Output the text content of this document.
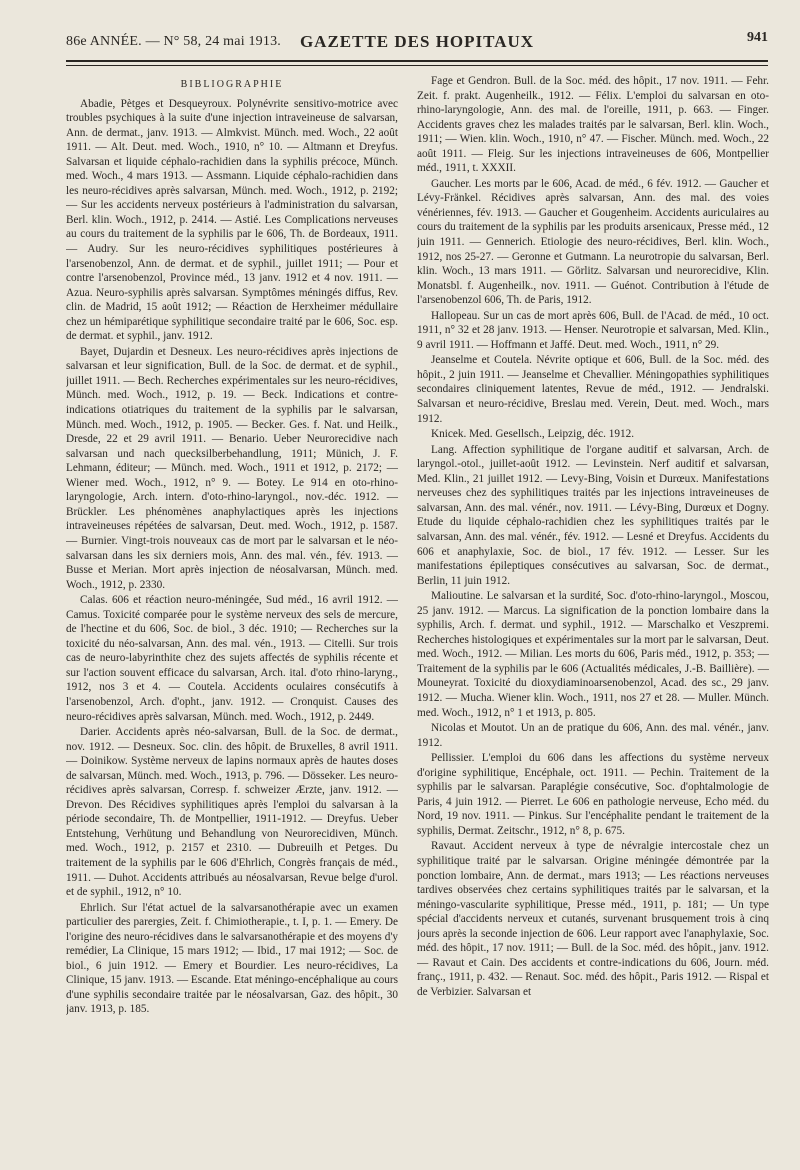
86e ANNÉE. — N° 58, 24 mai 1913.	GAZETTE DES HOPITAUX	941
BIBLIOGRAPHIE

Abadie, Pètges et Desqueyroux. Polynévrite sensitivo-motrice avec troubles psychiques à la suite d'une injection intraveineuse de salvarsan, Ann. de dermat., janv. 1913. — Almkvist. Münch. med. Woch., 22 août 1911. — Alt. Deut. med. Woch., 1910, n° 10. — Altmann et Dreyfus. Salvarsan et liquide céphalo-rachidien dans la syphilis précoce, Münch. med. Woch., 4 mars 1913. — Assmann. Liquide céphalo-rachidien dans les neuro-récidives après salvarsan, Münch. med. Woch., 1912, p. 2192; — Sur les accidents nerveux postérieurs à l'administration du salvarsan, Berl. klin. Woch., 1912, p. 2414. — Astié. Les Complications nerveuses au cours du traitement de la syphilis par le 606, Th. de Bordeaux, 1911. — Audry. Sur les neuro-récidives syphilitiques postérieures à l'arsenobenzol, Ann. de dermat. et de syphil., juillet 1911; — Pour et contre l'arsenobenzol, Province méd., 13 janv. 1912 et 4 nov. 1911. — Azua. Neuro-syphilis après salvarsan. Symptômes méningés diffus, Rev. clin. de Madrid, 15 août 1912; — Réaction de Herxheimer médullaire chez un hémiparétique syphilitique secondaire traité par le 606, Soc. esp. de dermat. et syphil., janv. 1912.

Bayet, Dujardin et Desneux. Les neuro-récidives après injections de salvarsan et leur signification, Bull. de la Soc. de dermat. et de syphil., juillet 1911. — Bech. Recherches expérimentales sur les neuro-récidives, Münch. med. Woch., 1912, p. 19. — Beck. Indications et contre-indications otiatriques du traitement de la syphilis par le salvarsan, Münch. med. Woch., 1912, p. 1905. — Becker. Ges. f. Nat. und Heilk., Dresde, 22 et 29 avril 1911. — Benario. Ueber Neurorecidive nach salvarsan und nach quecksilberbehandlung, 1911; Münich, J. F. Lehmann, éditeur; — Münch. med. Woch., 1911 et 1912, p. 2172; — Wiener med. Woch., 1912, n° 9. — Botey. Le 914 en oto-rhino-laryngologie, Arch. intern. d'oto-rhino-laryngol., nov.-déc. 1912. — Brückler. Les phénomènes anaphylactiques après les injections intraveineuses répétées de salvarsan, Deut. med. Woch., 1912, p. 1587. — Burnier. Vingt-trois nouveaux cas de mort par le salvarsan et le néo-salvarsan dans les six derniers mois, Ann. des mal. vén., fév. 1913. — Busse et Merian. Mort après injection de néosalvarsan, Münch. med. Woch., 1912, p. 2330.

Calas. 606 et réaction neuro-méningée, Sud méd., 16 avril 1912. — Camus. Toxicité comparée pour le système nerveux des sels de mercure, de l'hectine et du 606, Soc. de biol., 3 déc. 1910; — Recherches sur la toxicité du néo-salvarsan, Ann. des mal. vén., 1913. — Citelli. Sur trois cas de neuro-labyrinthite chez des sujets affectés de syphilis récente et sur l'action souvent efficace du salvarsan, Arch. ital. d'oto rhino-laryng., 1912, nos 3 et 4. — Coutela. Accidents oculaires consécutifs à l'arsenobenzol, Arch. d'opht., janv. 1912. — Cronquist. Causes des neuro-récidives après salvarsan, Münch. med. Woch., 1912, p. 2449.

Darier. Accidents après néo-salvarsan, Bull. de la Soc. de dermat., nov. 1912. — Desneux. Soc. clin. des hôpit. de Bruxelles, 8 avril 1911. — Doinikow. Système nerveux de lapins normaux après de hautes doses de salvarsan, Münch. med. Woch., 1913, p. 796. — Dösseker. Les neuro-récidives après salvarsan, Corresp. f. schweizer Ærzte, janv. 1912. — Drevon. Des Récidives syphilitiques après l'emploi du salvarsan à la période secondaire, Th. de Montpellier, 1911-1912. — Dreyfus. Ueber Entstehung, Verhütung und Behandlung von Neurorecidiven, Münch. med. Woch., 1912, p. 2157 et 2310. — Dubreuilh et Petges. Du traitement de la syphilis par le 606 d'Ehrlich, Congrès français de méd., 1911. — Duhot. Accidents attribués au néosalvarsan, Revue belge d'urol. et de syphil., 1912, n° 10.

Ehrlich. Sur l'état actuel de la salvarsanothérapie avec un examen particulier des parergies, Zeit. f. Chimiotherapie., t. I, p. 1. — Emery. De l'origine des neuro-récidives dans le salvarsanothérapie et des moyens d'y remédier, La Clinique, 15 mars 1912; — Ibid., 17 mai 1912; — Soc. de biol., 6 juin 1912. — Emery et Bourdier. Les neuro-récidives, La Clinique, 15 janv. 1913. — Escande. Etat méningo-encéphalique au cours d'une syphilis secondaire traitée par le néosalvarsan, Gaz. des hôpit., 30 janv. 1913, p. 185.

Fage et Gendron. Bull. de la Soc. méd. des hôpit., 17 nov. 1911. — Fehr. Zeit. f. prakt. Augenheilk., 1912. — Félix. L'emploi du salvarsan en oto-rhino-laryngologie, Ann. des mal. de l'oreille, 1911, p. 663. — Finger. Accidents graves chez les malades traités par le salvarsan, Berl. klin. Woch., 1911; — Wien. klin. Woch., 1910, n° 47. — Fischer. Münch. med. Woch., 22 août 1911. — Fleig. Sur les injections intraveineuses de 606, Montpellier méd., 1911, t. XXXII.

Gaucher. Les morts par le 606, Acad. de méd., 6 fév. 1912. — Gaucher et Lévy-Fränkel. Récidives après salvarsan, Ann. des mal. des voies vénériennes, fév. 1913. — Gaucher et Gougenheim. Accidents auriculaires au cours du traitement de la syphilis par les produits arsenicaux, Presse méd., 12 juin 1911. — Gennerich. Etiologie des neuro-récidives, Berl. klin. Woch., 1912, nos 25-27. — Geronne et Gutmann. La neurotropie du salvarsan, Berl. klin. Woch., 13 mars 1911. — Görlitz. Salvarsan und neurorecidive, Klin. Monatsbl. f. Augenheilk., nov. 1911. — Guénot. Contribution à l'étude de l'arsenobenzol 606, Th. de Paris, 1912.

Hallopeau. Sur un cas de mort après 606, Bull. de l'Acad. de méd., 10 oct. 1911, n° 32 et 28 janv. 1913. — Henser. Neurotropie et salvarsan, Med. Klin., 9 avril 1911. — Hoffmann et Jaffé. Deut. med. Woch., 1911, n° 29.

Jeanselme et Coutela. Névrite optique et 606, Bull. de la Soc. méd. des hôpit., 2 juin 1911. — Jeanselme et Chevallier. Méningopathies syphilitiques secondaires cliniquement latentes, Revue de méd., 1912. — Jendralski. Salvarsan et neuro-récidive, Breslau med. Verein, Deut. med. Woch., mars 1912.

Knicek. Med. Gesellsch., Leipzig, déc. 1912.

Lang. Affection syphilitique de l'organe auditif et salvarsan, Arch. de laryngol.-otol., juillet-août 1912. — Levinstein. Nerf auditif et salvarsan, Med. Klin., 21 juillet 1912. — Levy-Bing, Voisin et Durœux. Manifestations nerveuses chez des syphilitiques traités par les injections intraveineuses de salvarsan, Ann. des mal. vénér., nov. 1911. — Lévy-Bing, Durœux et Dogny. Etude du liquide céphalo-rachidien chez les syphilitiques traités par le salvarsan, Ann. des mal. vénér., fév. 1912. — Lesné et Dreyfus. Accidents du 606 et anaphylaxie, Soc. de biol., 17 fév. 1912. — Lesser. Sur les manifestations épileptiques consécutives au salvarsan, Soc. de dermat., Berlin, 11 juin 1912.

Malioutine. Le salvarsan et la surdité, Soc. d'oto-rhino-laryngol., Moscou, 25 janv. 1912. — Marcus. La signification de la ponction lombaire dans la syphilis, Arch. f. dermat. und syphil., 1912. — Marschalko et Veszpremi. Recherches histologiques et expérimentales sur la mort par le salvarsan, Deut. med. Woch., 1912. — Milian. Les morts du 606, Paris méd., 1912, p. 353; — Traitement de la syphilis par le 606 (Actualités médicales, J.-B. Baillière). — Mouneyrat. Toxicité du dioxydiaminoarsenobenzol, Acad. des sc., 29 janv. 1912. — Mucha. Wiener klin. Woch., 1911, nos 27 et 28. — Muller. Münch. med. Woch., 1912, n° 1 et 1913, p. 805.

Nicolas et Moutot. Un an de pratique du 606, Ann. des mal. vénér., janv. 1912.

Pellissier. L'emploi du 606 dans les affections du système nerveux d'origine syphilitique, Encéphale, oct. 1911. — Pechin. Traitement de la syphilis par le salvarsan. Paraplégie consécutive, Soc. d'ophtalmologie de Paris, 4 juin 1912. — Pierret. Le 606 en pathologie nerveuse, Echo méd. du Nord, 19 nov. 1911. — Pinkus. Sur l'encéphalite pendant le traitement de la syphilis, Dermat. Zeitschr., 1912, n° 8, p. 675.

Ravaut. Accident nerveux à type de névralgie intercostale chez un syphilitique traité par le salvarsan. Origine méningée démontrée par la ponction lombaire, Ann. de dermat., mars 1913; — Les réactions nerveuses tardives observées chez certains syphilitiques traités par le salvarsan, et la méningo-vascularite syphilitique, Presse méd., 1911, p. 181; — Un type spécial d'accidents nerveux et cutanés, survenant brusquement trois à cinq jours après la seconde injection de 606. Leur rapport avec l'anaphylaxie, Soc. méd. des hôpit., 17 nov. 1911; — Bull. de la Soc. méd. des hôpit., janv. 1912. — Ravaut et Cain. Des accidents et contre-indications du 606, Journ. méd. franç., 1911, p. 432. — Renaut. Soc. méd. des hôpit., Paris 1912. — Rispal et de Verbizier. Salvarsan et
